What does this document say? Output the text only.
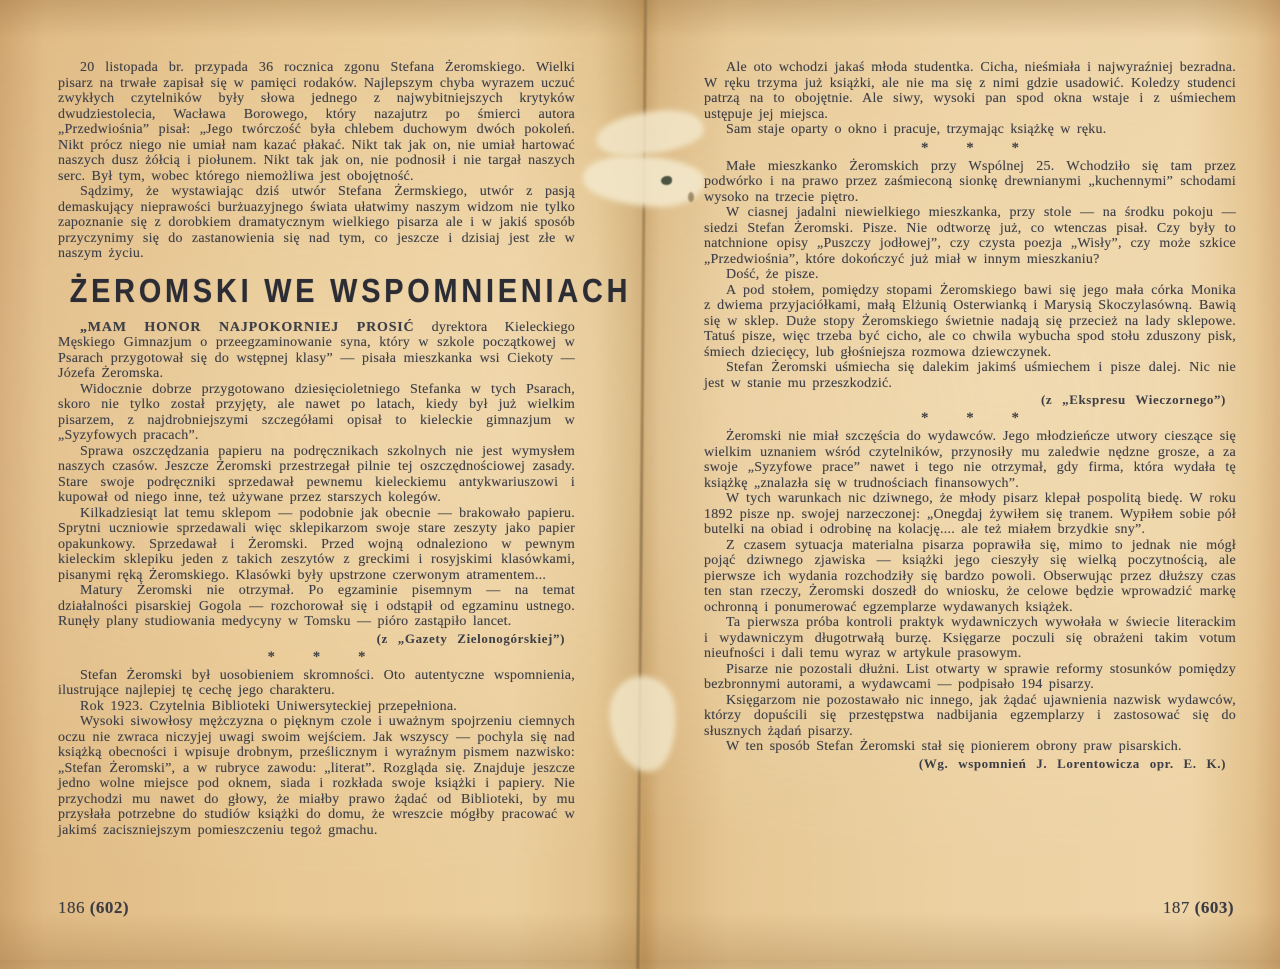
20 listopada br. przypada 36 rocznica zgonu Stefana Żeromskiego. Wielki pisarz na trwałe zapisał się w pamięci rodaków. Najlepszym chyba wyrazem uczuć zwykłych czytelników były słowa jednego z najwybitniejszych krytyków dwudziestolecia, Wacława Borowego, który nazajutrz po śmierci autora „Przedwiośnia” pisał: „Jego twórczość była chlebem duchowym dwóch pokoleń. Nikt prócz niego nie umiał nam kazać płakać. Nikt tak jak on, nie umiał hartować naszych dusz żółcią i piołunem. Nikt tak jak on, nie podnosił i nie targał naszych serc. Był tym, wobec którego niemożliwa jest obojętność.

Sądzimy, że wystawiając dziś utwór Stefana Żermskiego, utwór z pasją demaskujący nieprawości burżuazyjnego świata ułatwimy naszym widzom nie tylko zapoznanie się z dorobkiem dramatycznym wielkiego pisarza ale i w jakiś sposób przyczynimy się do zastanowienia się nad tym, co jeszcze i dzisiaj jest złe w naszym życiu.

ŻEROMSKI WE WSPOMNIENIACH

„MAM HONOR NAJPOKORNIEJ PROSIĆ dyrektora Kieleckiego Męskiego Gimnazjum o przeegzaminowanie syna, który w szkole początkowej w Psarach przygotował się do wstępnej klasy” — pisała mieszkanka wsi Ciekoty — Józefa Żeromska.

Widocznie dobrze przygotowano dziesięcioletniego Stefanka w tych Psarach, skoro nie tylko został przyjęty, ale nawet po latach, kiedy był już wielkim pisarzem, z najdrobniejszymi szczegółami opisał to kieleckie gimnazjum w „Syzyfowych pracach”.

Sprawa oszczędzania papieru na podręcznikach szkolnych nie jest wymysłem naszych czasów. Jeszcze Żeromski przestrzegał pilnie tej oszczędnościowej zasady. Stare swoje podręczniki sprzedawał pewnemu kieleckiemu antykwariuszowi i kupował od niego inne, też używane przez starszych kolegów.

Kilkadziesiąt lat temu sklepom — podobnie jak obecnie — brakowało papieru. Sprytni uczniowie sprzedawali więc sklepikarzom swoje stare zeszyty jako papier opakunkowy. Sprzedawał i Żeromski. Przed wojną odnaleziono w pewnym kieleckim sklepiku jeden z takich zeszytów z greckimi i rosyjskimi klasówkami, pisanymi ręką Żeromskiego. Klasówki były upstrzone czerwonym atramentem...

Matury Żeromski nie otrzymał. Po egzaminie pisemnym — na temat działalności pisarskiej Gogola — rozchorował się i odstąpił od egzaminu ustnego. Runęły plany studiowania medycyny w Tomsku — pióro zastąpiło lancet.

(z „Gazety Zielonogórskiej”)
* * *

Stefan Żeromski był uosobieniem skromności. Oto autentyczne wspomnienia, ilustrujące najlepiej tę cechę jego charakteru.

Rok 1923. Czytelnia Biblioteki Uniwersyteckiej przepełniona.

Wysoki siwowłosy mężczyzna o pięknym czole i uważnym spojrzeniu ciemnych oczu nie zwraca niczyjej uwagi swoim wejściem. Jak wszyscy — pochyla się nad książką obecności i wpisuje drobnym, prześlicznym i wyraźnym pismem nazwisko: „Stefan Żeromski”, a w rubryce zawodu: „literat”. Rozgląda się. Znajduje jeszcze jedno wolne miejsce pod oknem, siada i rozkłada swoje książki i papiery. Nie przychodzi mu nawet do głowy, że miałby prawo żądać od Biblioteki, by mu przysłała potrzebne do studiów książki do domu, że wreszcie mógłby pracować w jakimś zaciszniejszym pomieszczeniu tegoż gmachu.

186 (602)

Ale oto wchodzi jakaś młoda studentka. Cicha, nieśmiała i najwyraźniej bezradna. W ręku trzyma już książki, ale nie ma się z nimi gdzie usadowić. Koledzy studenci patrzą na to obojętnie. Ale siwy, wysoki pan spod okna wstaje i z uśmiechem ustępuje jej miejsca.

Sam staje oparty o okno i pracuje, trzymając książkę w ręku.

* * *

Małe mieszkanko Żeromskich przy Wspólnej 25. Wchodziło się tam przez podwórko i na prawo przez zaśmieconą sionkę drewnianymi „kuchennymi” schodami wysoko na trzecie piętro.

W ciasnej jadalni niewielkiego mieszkanka, przy stole — na środku pokoju — siedzi Stefan Żeromski. Pisze. Nie odtworzę już, co wtenczas pisał. Czy były to natchnione opisy „Puszczy jodłowej”, czy czysta poezja „Wisły”, czy może szkice „Przedwiośnia”, które dokończyć już miał w innym mieszkaniu?

Dość, że pisze.

A pod stołem, pomiędzy stopami Żeromskiego bawi się jego mała córka Monika z dwiema przyjaciółkami, małą Elżunią Osterwianką i Marysią Skoczylasówną. Bawią się w sklep. Duże stopy Żeromskiego świetnie nadają się przecież na lady sklepowe. Tatuś pisze, więc trzeba być cicho, ale co chwila wybucha spod stołu zduszony pisk, śmiech dziecięcy, lub głośniejsza rozmowa dziewczynek.

Stefan Żeromski uśmiecha się dalekim jakimś uśmiechem i pisze dalej. Nic nie jest w stanie mu przeszkodzić.

(z „Ekspresu Wieczornego”)
* * *

Żeromski nie miał szczęścia do wydawców. Jego młodzieńcze utwory cieszące się wielkim uznaniem wśród czytelników, przynosiły mu zaledwie nędzne grosze, a za swoje „Syzyfowe prace” nawet i tego nie otrzymał, gdy firma, która wydała tę książkę „znalazła się w trudnościach finansowych”.

W tych warunkach nic dziwnego, że młody pisarz klepał pospolitą biedę. W roku 1892 pisze np. swojej narzeczonej: „Onegdaj żywiłem się tranem. Wypiłem sobie pół butelki na obiad i odrobinę na kolację.... ale też miałem brzydkie sny”.

Z czasem sytuacja materialna pisarza poprawiła się, mimo to jednak nie mógł pojąć dziwnego zjawiska — książki jego cieszyły się wielką poczytnością, ale pierwsze ich wydania rozchodziły się bardzo powoli. Obserwując przez dłuższy czas ten stan rzeczy, Żeromski doszedł do wniosku, że celowe będzie wprowadzić markę ochronną i ponumerować egzemplarze wydawanych książek.

Ta pierwsza próba kontroli praktyk wydawniczych wywołała w świecie literackim i wydawniczym długotrwałą burzę. Księgarze poczuli się obrażeni takim votum nieufności i dali temu wyraz w artykule prasowym.

Pisarze nie pozostali dłużni. List otwarty w sprawie reformy stosunków pomiędzy bezbronnymi autorami, a wydawcami — podpisało 194 pisarzy.

Księgarzom nie pozostawało nic innego, jak żądać ujawnienia nazwisk wydawców, którzy dopuścili się przestępstwa nadbijania egzemplarzy i zastosować się do słusznych żądań pisarzy.

W ten sposób Stefan Żeromski stał się pionierem obrony praw pisarskich.

(Wg. wspomnień J. Lorentowicza opr. E. K.)
187 (603)
